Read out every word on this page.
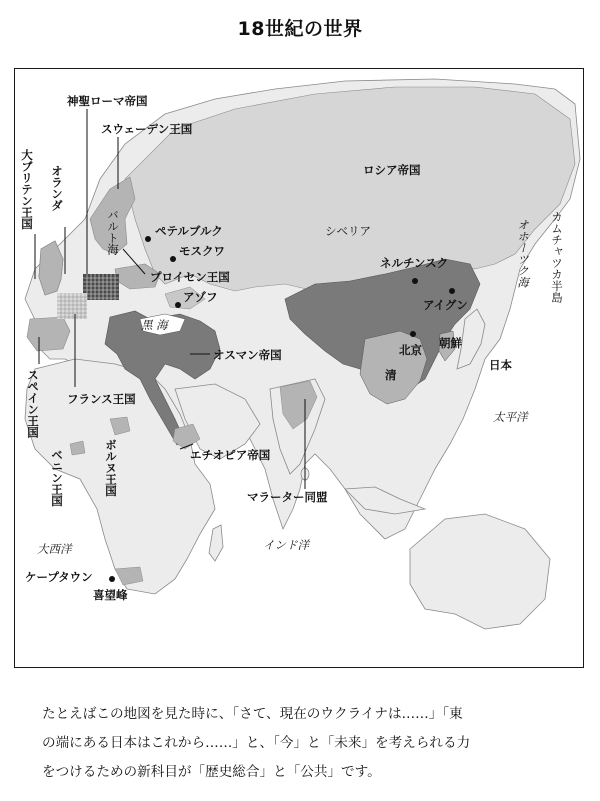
18世紀の世界
神聖ローマ帝国
スウェーデン王国
大ブリテン王国 オランダ
バルト海	ペテルブルク
モスクワ
プロイセン王国
アゾフ
黒 海
オスマン帝国
フランス王国
スペイン王国
ボルヌ王国
ベニン王国	エチオピア帝国
マラーター同盟
大西洋	インド洋
ケープタウン
喜望峰
ロシア帝国
シベリア
ネルチンスク	オホーツク海 カムチャツカ半島
アイグン
北京 朝鮮
清
日本
太平洋
たとえばこの地図を見た時に、「さて、現在のウクライナは……」「東
の端にある日本はこれから……」と、「今」と「未来」を考えられる力
をつけるための新科目が「歴史総合」と「公共」です。
